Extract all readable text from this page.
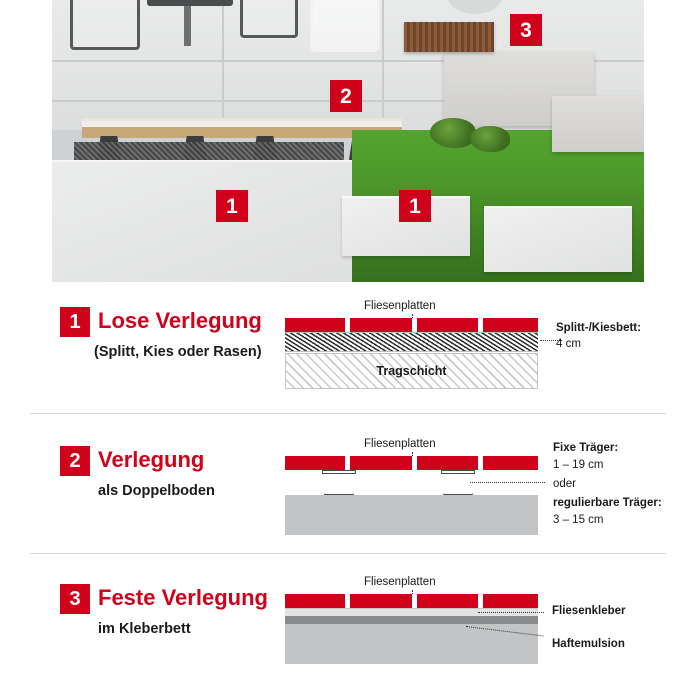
3
2
1	1
1 Lose Verlegung
(Splitt, Kies oder Rasen)
Fliesenplatten
Splitt-/Kiesbett:
4 cm
Tragschicht
2 Verlegung
als Doppelboden
Fliesenplatten	Fixe Träger:
1 – 19 cm
oder
regulierbare Träger:
3 – 15 cm
3 Feste Verlegung
im Kleberbett
Fliesenplatten
Fliesenkleber
Haftemulsion
